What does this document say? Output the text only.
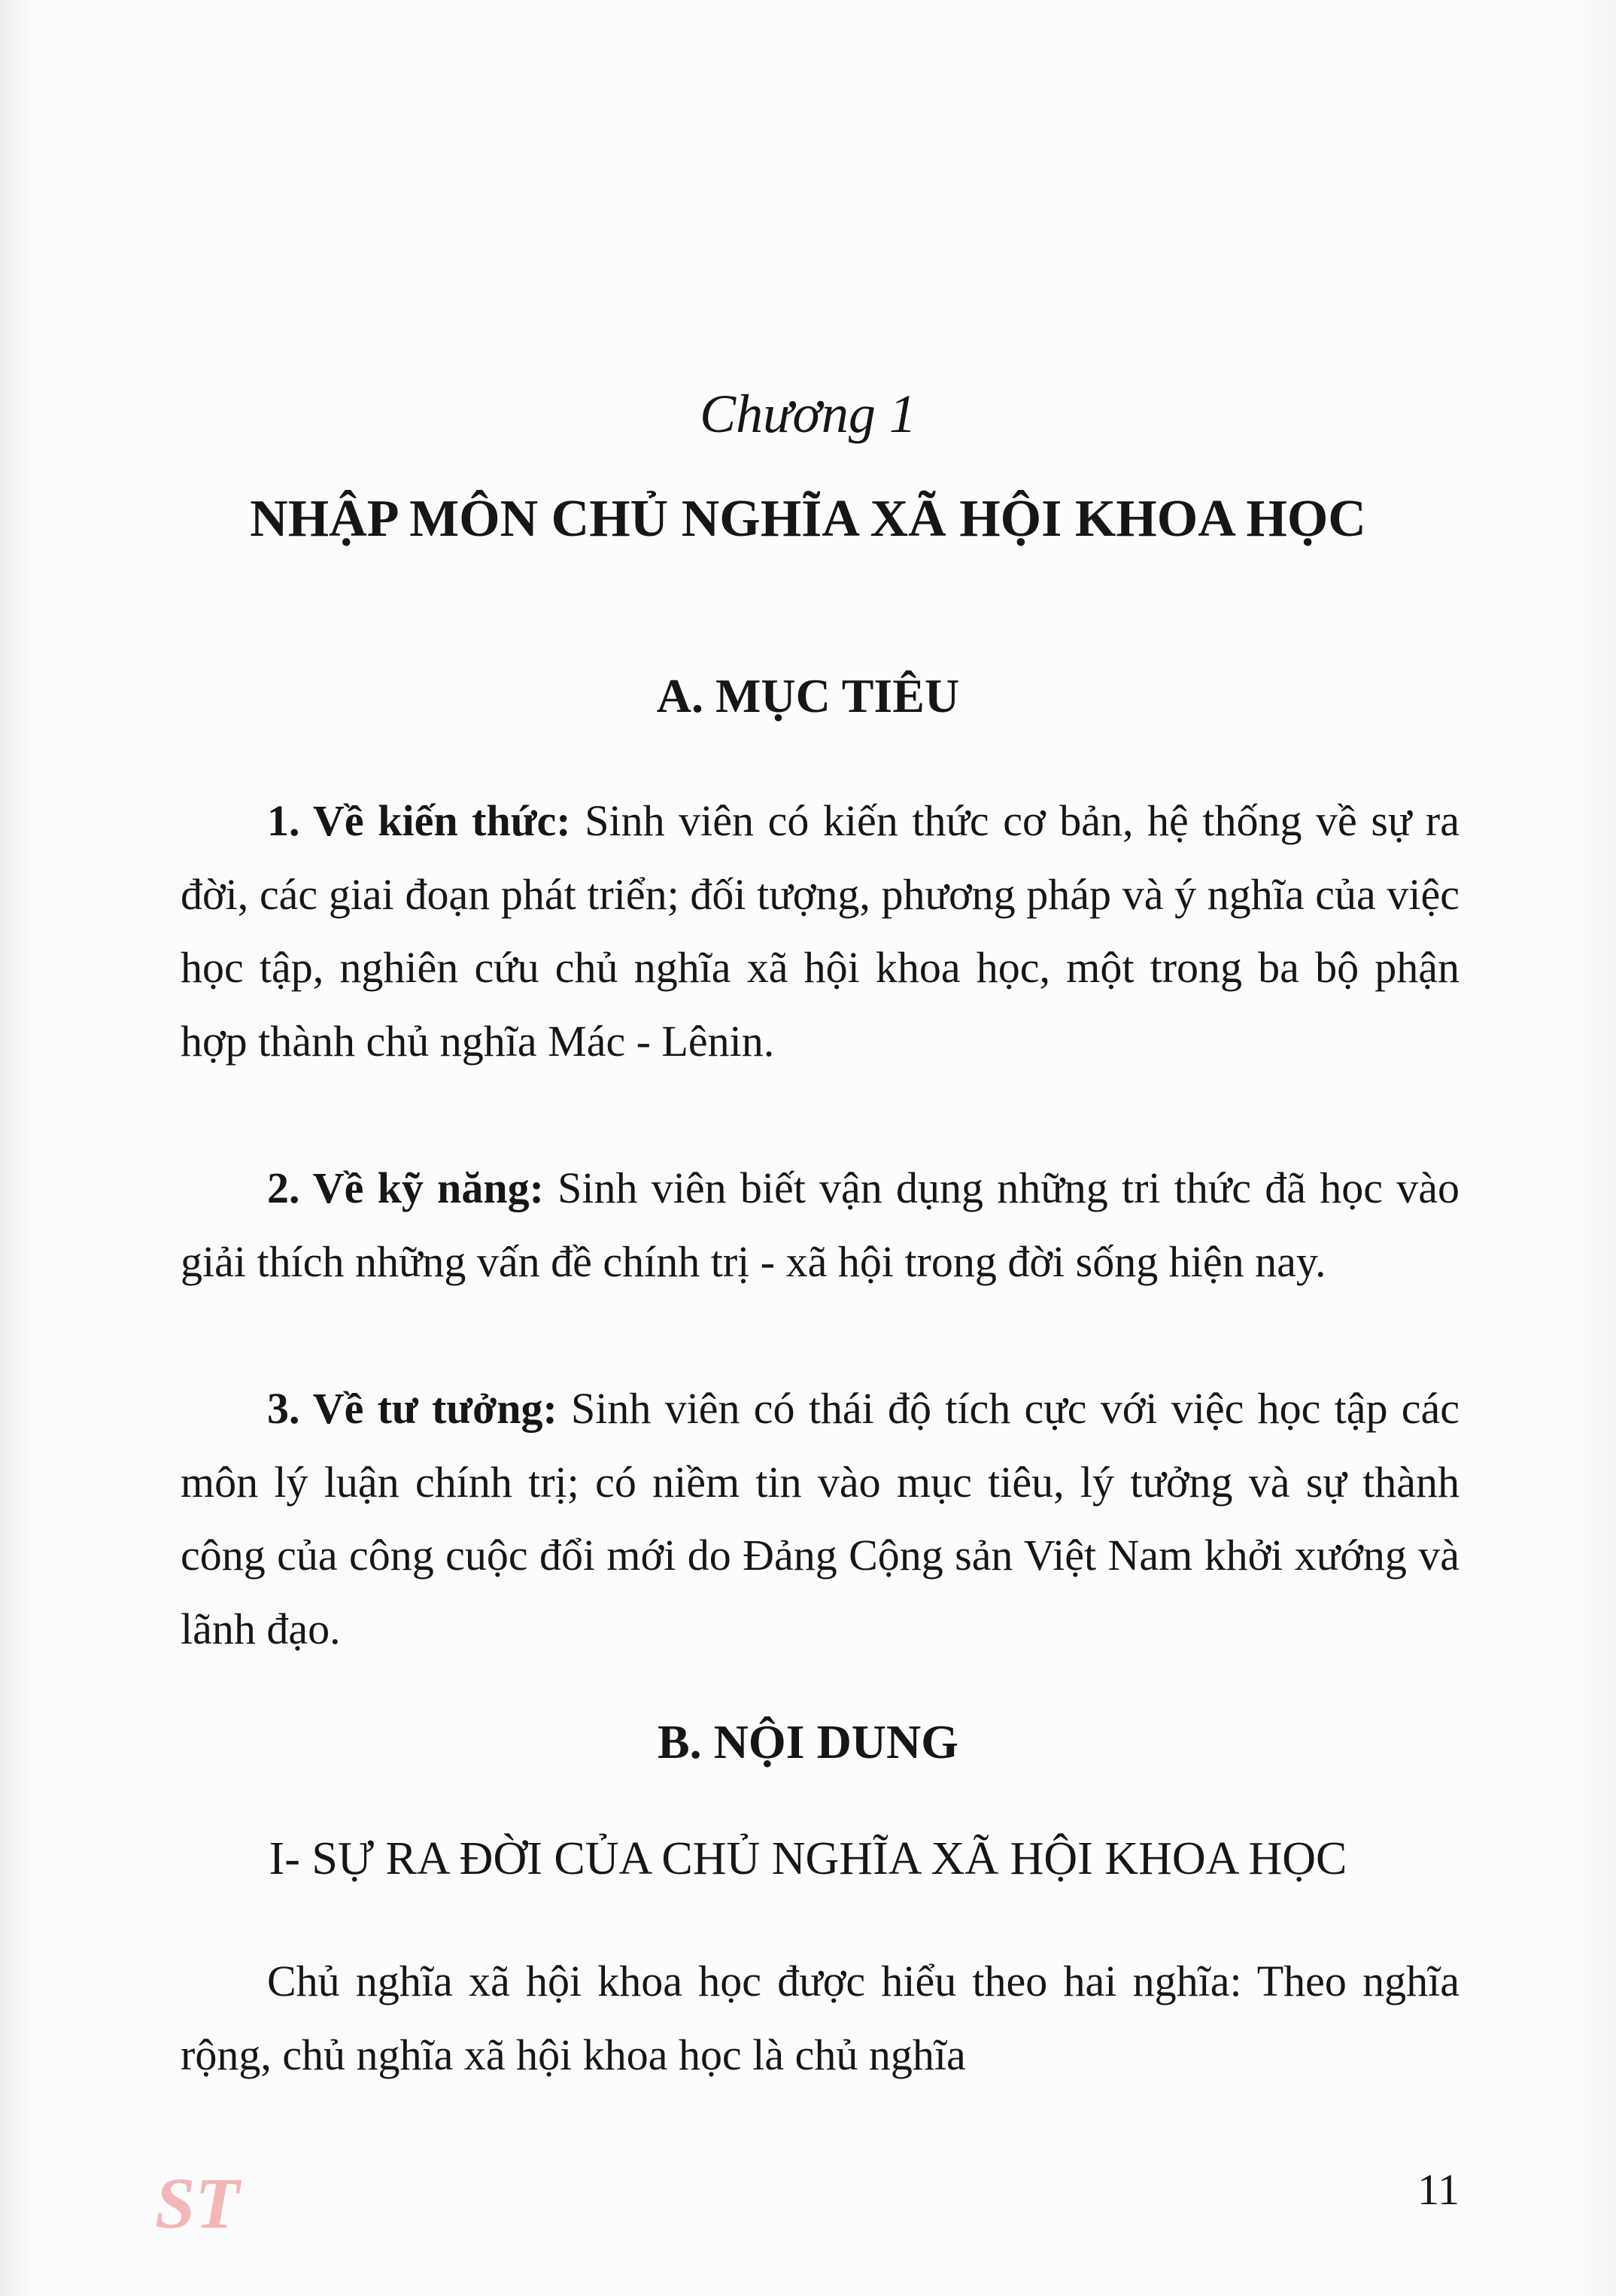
Chương 1
NHẬP MÔN CHỦ NGHĨA XÃ HỘI KHOA HỌC
A. MỤC TIÊU

1. Về kiến thức: Sinh viên có kiến thức cơ bản, hệ thống về sự ra đời, các giai đoạn phát triển; đối tượng, phương pháp và ý nghĩa của việc học tập, nghiên cứu chủ nghĩa xã hội khoa học, một trong ba bộ phận hợp thành chủ nghĩa Mác - Lênin.

2. Về kỹ năng: Sinh viên biết vận dụng những tri thức đã học vào giải thích những vấn đề chính trị - xã hội trong đời sống hiện nay.

3. Về tư tưởng: Sinh viên có thái độ tích cực với việc học tập các môn lý luận chính trị; có niềm tin vào mục tiêu, lý tưởng và sự thành công của công cuộc đổi mới do Đảng Cộng sản Việt Nam khởi xướng và lãnh đạo.

B. NỘI DUNG
I- SỰ RA ĐỜI CỦA CHỦ NGHĨA XÃ HỘI KHOA HỌC

Chủ nghĩa xã hội khoa học được hiểu theo hai nghĩa: Theo nghĩa rộng, chủ nghĩa xã hội khoa học là chủ nghĩa

ST	11
